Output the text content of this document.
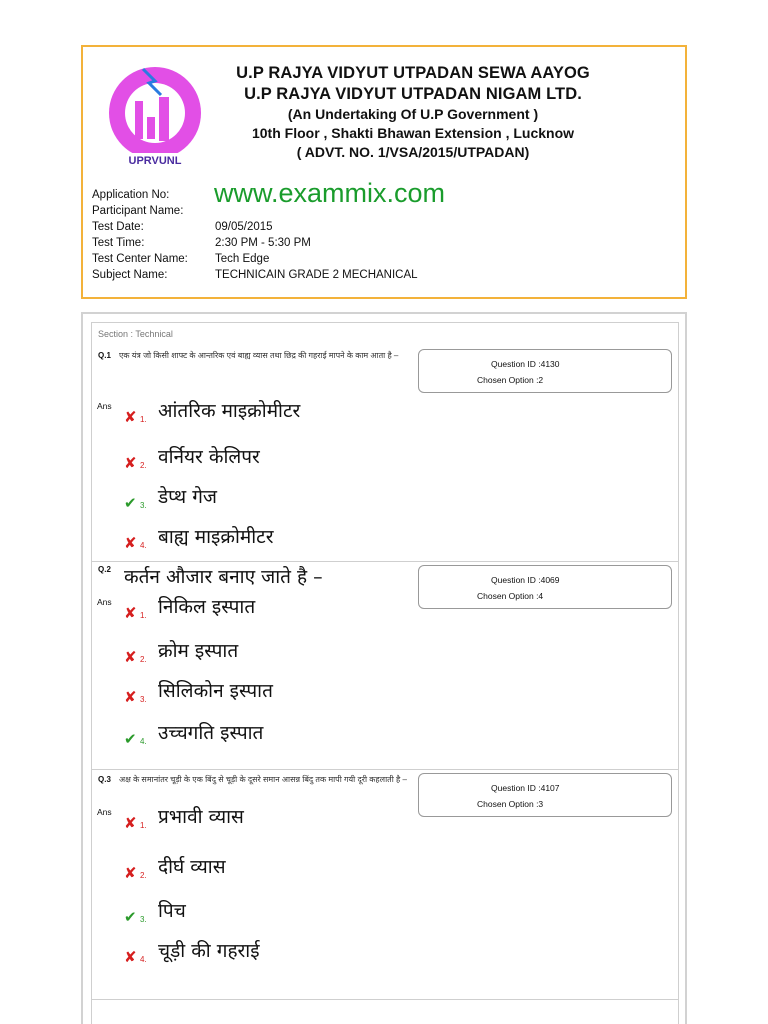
UPRVUNL
U.P RAJYA VIDYUT UTPADAN SEWA AAYOG
U.P RAJYA VIDYUT UTPADAN NIGAM LTD.
(An Undertaking Of U.P Government )
10th Floor , Shakti Bhawan Extension , Lucknow
( ADVT. NO. 1/VSA/2015/UTPADAN)
www.exammix.com
Application No:
Participant Name:
Test Date:	09/05/2015
Test Time:	2:30 PM - 5:30 PM
Test Center Name:	Tech Edge
Subject Name:	TECHNICAIN GRADE 2 MECHANICAL
Section : Technical
Q.1 एक यंत्र जो किसी शाफ्ट के आन्तरिक एवं बाह्य व्यास तथा छिद्र की गहराई मापने के काम आता है –
Question ID :4130
Chosen Option :2
Ans
✘ 1. आंतरिक माइक्रोमीटर
✘ 2. वर्नियर केलिपर
✔ 3. डेप्थ गेज
✘ 4. बाह्य माइक्रोमीटर
Q.2 कर्तन औजार बनाए जाते है –	Question ID :4069
Chosen Option :4
Ans
✘ 1. निकिल इस्पात
✘ 2. क्रोम इस्पात
✘ 3. सिलिकोन इस्पात
✔ 4. उच्चगति इस्पात
Q.3 अक्ष के समानांतर चूड़ी के एक बिंदु से चूड़ी के दूसरे समान आसन्न बिंदु तक मापी गयी दूरी कहलाती है –
Question ID :4107
Chosen Option :3
Ans
✘ 1. प्रभावी व्यास
✘ 2. दीर्घ व्यास
✔ 3. पिच
✘ 4. चूड़ी की गहराई
